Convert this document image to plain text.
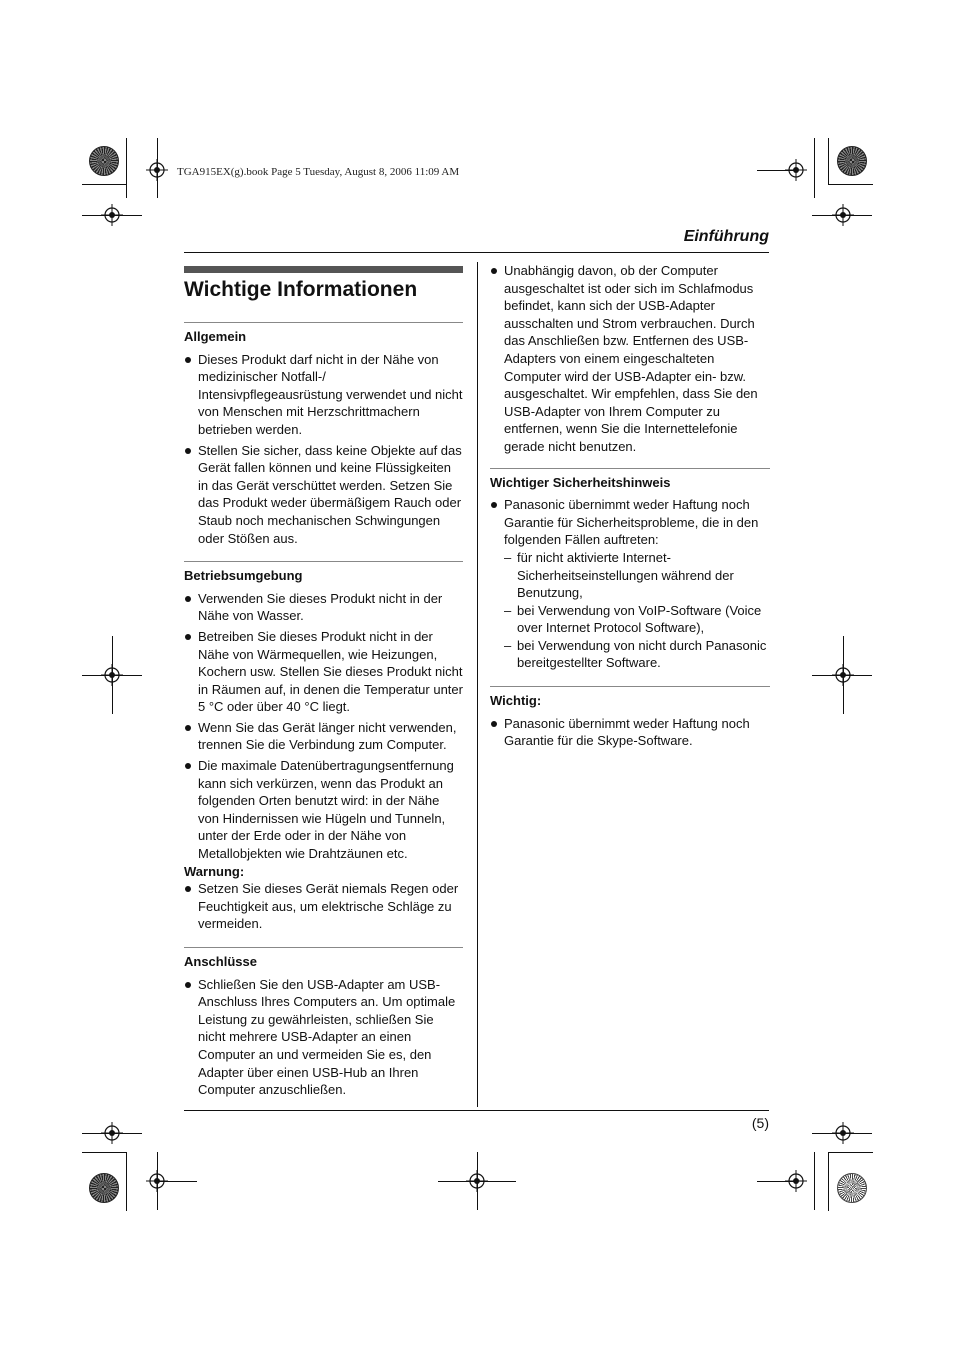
TGA915EX(g).book Page 5 Tuesday, August 8, 2006 11:09 AM
Einführung
Wichtige Informationen
Allgemein
Dieses Produkt darf nicht in der Nähe von medizinischer Notfall-/ Intensivpflegeausrüstung verwendet und nicht von Menschen mit Herzschrittmachern betrieben werden.
Stellen Sie sicher, dass keine Objekte auf das Gerät fallen können und keine Flüssigkeiten in das Gerät verschüttet werden. Setzen Sie das Produkt weder übermäßigem Rauch oder Staub noch mechanischen Schwingungen oder Stößen aus.
Betriebsumgebung
Verwenden Sie dieses Produkt nicht in der Nähe von Wasser.
Betreiben Sie dieses Produkt nicht in der Nähe von Wärmequellen, wie Heizungen, Kochern usw. Stellen Sie dieses Produkt nicht in Räumen auf, in denen die Temperatur unter 5 °C oder über 40 °C liegt.
Wenn Sie das Gerät länger nicht verwenden, trennen Sie die Verbindung zum Computer.
Die maximale Datenübertragungsentfernung kann sich verkürzen, wenn das Produkt an folgenden Orten benutzt wird: in der Nähe von Hindernissen wie Hügeln und Tunneln, unter der Erde oder in der Nähe von Metallobjekten wie Drahtzäunen etc.
Warnung:
Setzen Sie dieses Gerät niemals Regen oder Feuchtigkeit aus, um elektrische Schläge zu vermeiden.
Anschlüsse
Schließen Sie den USB-Adapter am USB-Anschluss Ihres Computers an. Um optimale Leistung zu gewährleisten, schließen Sie nicht mehrere USB-Adapter an einen Computer an und vermeiden Sie es, den Adapter über einen USB-Hub an Ihren Computer anzuschließen.
Unabhängig davon, ob der Computer ausgeschaltet ist oder sich im Schlafmodus befindet, kann sich der USB-Adapter ausschalten und Strom verbrauchen. Durch das Anschließen bzw. Entfernen des USB-Adapters von einem eingeschalteten Computer wird der USB-Adapter ein- bzw. ausgeschaltet. Wir empfehlen, dass Sie den USB-Adapter von Ihrem Computer zu entfernen, wenn Sie die Internettelefonie gerade nicht benutzen.
Wichtiger Sicherheitshinweis
Panasonic übernimmt weder Haftung noch Garantie für Sicherheitsprobleme, die in den folgenden Fällen auftreten:
– für nicht aktivierte Internet-Sicherheitseinstellungen während der Benutzung,
– bei Verwendung von VoIP-Software (Voice over Internet Protocol Software),
– bei Verwendung von nicht durch Panasonic bereitgestellter Software.
Wichtig:
Panasonic übernimmt weder Haftung noch Garantie für die Skype-Software.
(5)
